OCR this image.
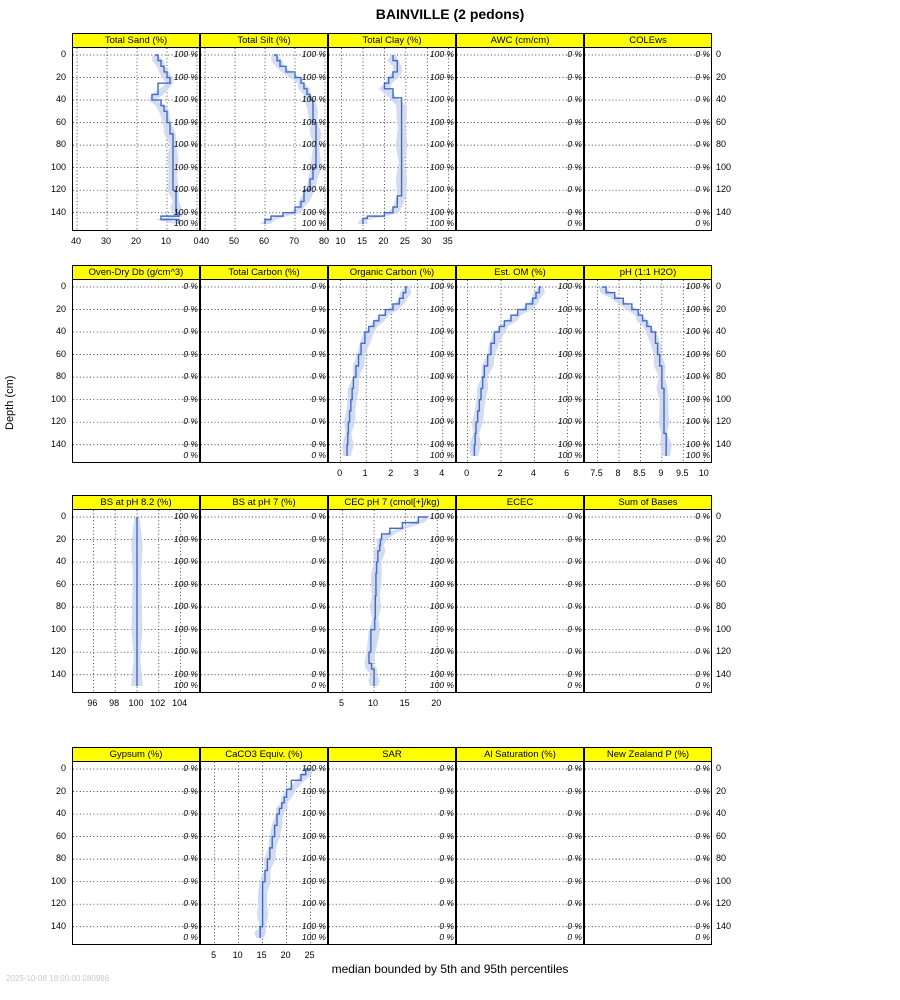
BAINVILLE (2 pedons)
Depth (cm)
median bounded by 5th and 95th percentiles
2025-10-08 18:00:00.080986
Total Sand (%)
100 %
100 %
100 %
100 %
100 %
100 %
100 %
100 %
100 %
0
10
20
30
40
Total Silt (%)
100 %
100 %
100 %
100 %
100 %
100 %
100 %
100 %
100 %
40	50	60	70	80
Total Clay (%)
100 %
100 %
100 %
100 %
100 %
100 %
100 %
100 %
100 %
10	15	20	25	30	35
AWC (cm/cm)
0 %
0 %
0 %
0 %
0 %
0 %
0 %
0 %
0 %
COLEws
0 %
0 %
0 %
0 %
0 %
0 %
0 %
0 %
0 %
Oven-Dry Db (g/cm^3)
0 %
0 %
0 %
0 %
0 %
0 %
0 %
0 %
0 %
Total Carbon (%)
0 %
0 %
0 %
0 %
0 %
0 %
0 %
0 %
0 %
Organic Carbon (%)
100 %
100 %
100 %
100 %
100 %
100 %
100 %
100 %
100 %
0	1	2	3	4
Est. OM (%)
100 %
100 %
100 %
100 %
100 %
100 %
100 %
100 %
100 %
0	2	4	6
pH (1:1 H2O)
100 %
100 %
100 %
100 %
100 %
100 %
100 %
100 %
100 %
7.5	8	8.5	9	9.5	10
BS at pH 8.2 (%)
100 %
100 %
100 %
100 %
100 %
100 %
100 %
100 %
100 %
96	98	100 102 104
BS at pH 7 (%)
0 %
0 %
0 %
0 %
0 %
0 %
0 %
0 %
0 %
CEC pH 7 (cmol[+]/kg)
100 %
100 %
100 %
100 %
100 %
100 %
100 %
100 %
100 %
5	10	15	20
ECEC
0 %
0 %
0 %
0 %
0 %
0 %
0 %
0 %
0 %
Sum of Bases
0 %
0 %
0 %
0 %
0 %
0 %
0 %
0 %
0 %
Gypsum (%)
0 %
0 %
0 %
0 %
0 %
0 %
0 %
0 %
0 %
CaCO3 Equiv. (%)
100 %
100 %
100 %
100 %
100 %
100 %
100 %
100 %
100 %
5	10	15	20	25
SAR
0 %
0 %
0 %
0 %
0 %
0 %
0 %
0 %
0 %
Al Saturation (%)
0 %
0 %
0 %
0 %
0 %
0 %
0 %
0 %
0 %
New Zealand P (%)
0 %
0 %
0 %
0 %
0 %
0 %
0 %
0 %
0 %
0	0
20	20
40	40
60	60
80	80
100	100
120	120
140	140
0	0
20	20
40	40
60	60
80	80
100	100
120	120
140	140
0	0
20	20
40	40
60	60
80	80
100	100
120	120
140	140
0	0
20	20
40	40
60	60
80	80
100	100
120	120
140	140
